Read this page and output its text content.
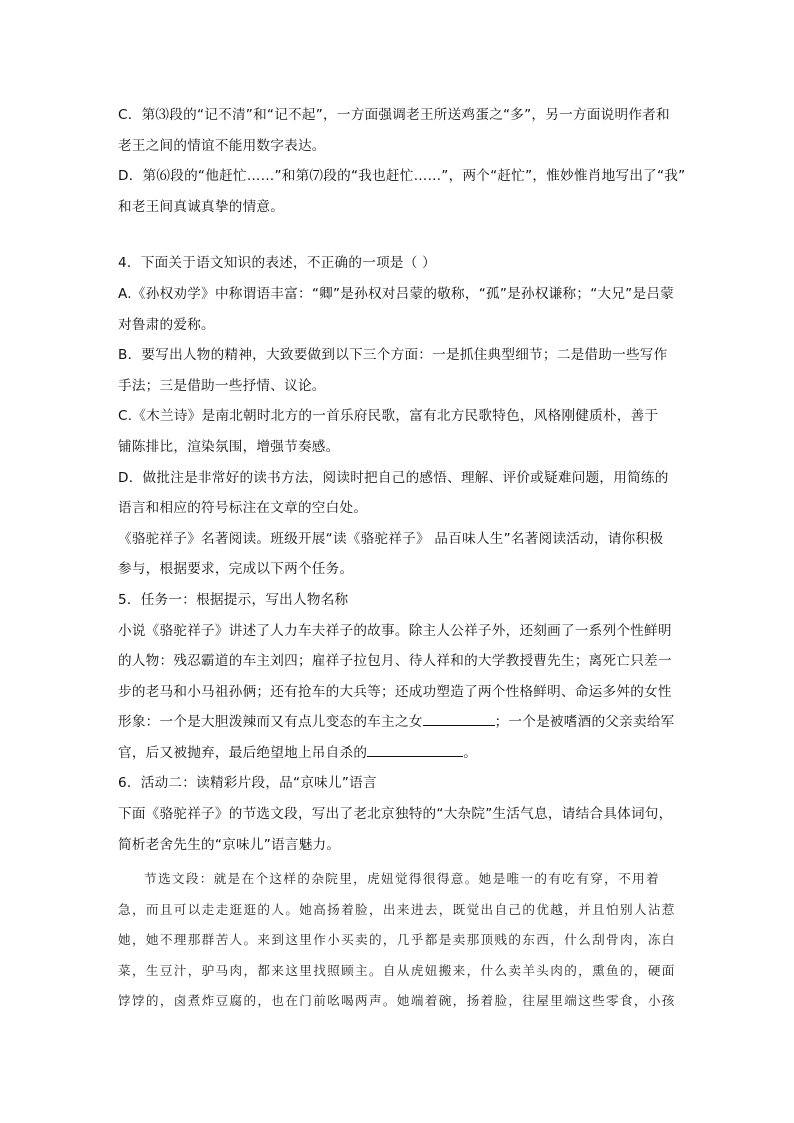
C．第⑶段的“记不清”和“记不起”，一方面强调老王所送鸡蛋之“多”，另一方面说明作者和
老王之间的情谊不能用数字表达。
D．第⑹段的“他赶忙……”和第⑺段的“我也赶忙……”，两个“赶忙”，惟妙惟肖地写出了“我”
和老王间真诚真挚的情意。
4．下面关于语文知识的表述，不正确的一项是（ ）
A.《孙权劝学》中称谓语丰富：“卿”是孙权对吕蒙的敬称，“孤”是孙权谦称；“大兄”是吕蒙
对鲁肃的爱称。
B．要写出人物的精神，大致要做到以下三个方面：一是抓住典型细节；二是借助一些写作
手法；三是借助一些抒情、议论。
C.《木兰诗》是南北朝时北方的一首乐府民歌，富有北方民歌特色，风格刚健质朴，善于
铺陈排比，渲染氛围，增强节奏感。
D．做批注是非常好的读书方法，阅读时把自己的感悟、理解、评价或疑难问题，用简练的
语言和相应的符号标注在文章的空白处。
《骆驼祥子》名著阅读。班级开展“读《骆驼祥子》 品百味人生”名著阅读活动，请你积极
参与，根据要求，完成以下两个任务。
5．任务一：根据提示，写出人物名称
小说《骆驼祥子》讲述了人力车夫祥子的故事。除主人公祥子外，还刻画了一系列个性鲜明
的人物：残忍霸道的车主刘四；雇祥子拉包月、待人祥和的大学教授曹先生；离死亡只差一
步的老马和小马祖孙俩；还有抢车的大兵等；还成功塑造了两个性格鲜明、命运多舛的女性
形象：一个是大胆泼辣而又有点儿变态的车主之女	；一个是被嗜酒的父亲卖给军
官，后又被抛弃，最后绝望地上吊自杀的	。
6．活动二：读精彩片段，品“京味儿”语言
下面《骆驼祥子》的节选文段，写出了老北京独特的“大杂院”生活气息，请结合具体词句，
简析老舍先生的“京味儿”语言魅力。
节选文段：就是在个这样的杂院里，虎妞觉得很得意。她是唯一的有吃有穿，不用着
急，而且可以走走逛逛的人。她高扬着脸，出来进去，既觉出自己的优越，并且怕别人沾惹
她，她不理那群苦人。来到这里作小买卖的，几乎都是卖那顶贱的东西，什么刮骨肉，冻白
菜，生豆汁，驴马肉，都来这里找照顾主。自从虎妞搬来，什么卖羊头肉的，熏鱼的，硬面
饽饽的，卤煮炸豆腐的，也在门前吆喝两声。她端着碗，扬着脸，往屋里端这些零食，小孩
